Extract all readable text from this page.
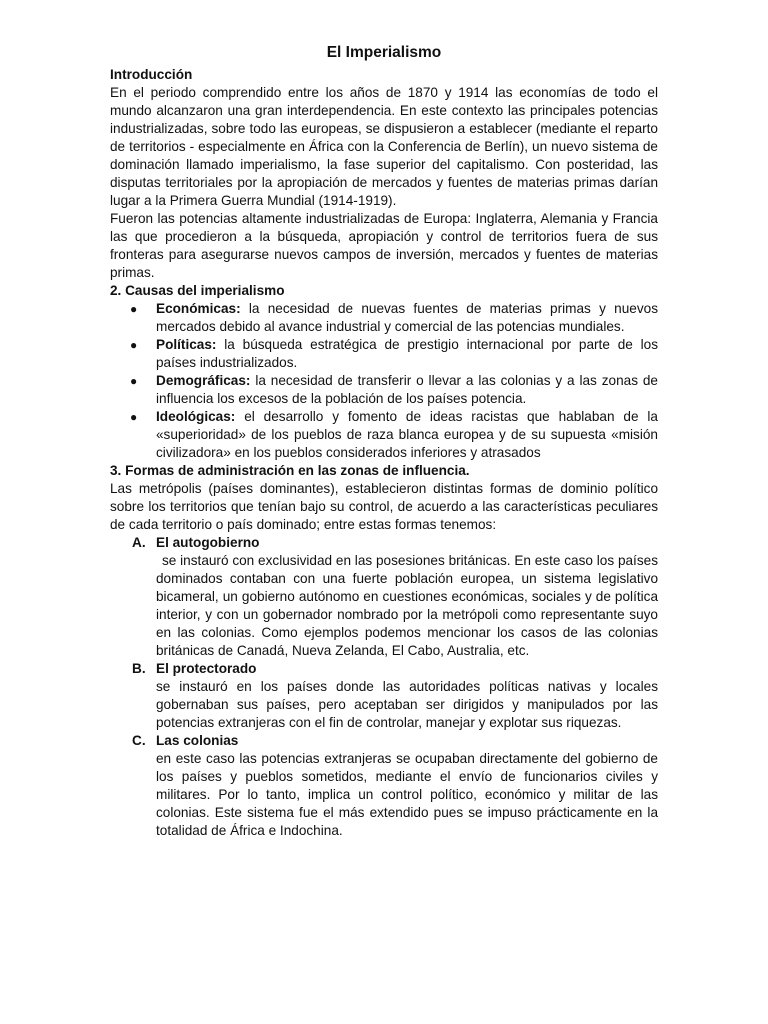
El Imperialismo
Introducción

En el periodo comprendido entre los años de 1870 y 1914 las economías de todo el mundo alcanzaron una gran interdependencia. En este contexto las principales potencias industrializadas, sobre todo las europeas, se dispusieron a establecer (mediante el reparto de territorios - especialmente en África con la Conferencia de Berlín), un nuevo sistema de dominación llamado imperialismo, la fase superior del capitalismo. Con posteridad, las disputas territoriales por la apropiación de mercados y fuentes de materias primas darían lugar a la Primera Guerra Mundial (1914-1919).

Fueron las potencias altamente industrializadas de Europa: Inglaterra, Alemania y Francia las que procedieron a la búsqueda, apropiación y control de territorios fuera de sus fronteras para asegurarse nuevos campos de inversión, mercados y fuentes de materias primas.

2. Causas del imperialismo
● Económicas: la necesidad de nuevas fuentes de materias primas y nuevos mercados debido al avance industrial y comercial de las potencias mundiales.
● Políticas: la búsqueda estratégica de prestigio internacional por parte de los países industrializados.
● Demográficas: la necesidad de transferir o llevar a las colonias y a las zonas de influencia los excesos de la población de los países potencia.
● Ideológicas: el desarrollo y fomento de ideas racistas que hablaban de la «superioridad» de los pueblos de raza blanca europea y de su supuesta «misión civilizadora» en los pueblos considerados inferiores y atrasados
3. Formas de administración en las zonas de influencia.

Las metrópolis (países dominantes), establecieron distintas formas de dominio político sobre los territorios que tenían bajo su control, de acuerdo a las características peculiares de cada territorio o país dominado; entre estas formas tenemos:

A. El autogobierno
se instauró con exclusividad en las posesiones británicas. En este caso los países dominados contaban con una fuerte población europea, un sistema legislativo bicameral, un gobierno autónomo en cuestiones económicas, sociales y de política interior, y con un gobernador nombrado por la metrópoli como representante suyo en las colonias. Como ejemplos podemos mencionar los casos de las colonias británicas de Canadá, Nueva Zelanda, El Cabo, Australia, etc.
B. El protectorado
se instauró en los países donde las autoridades políticas nativas y locales gobernaban sus países, pero aceptaban ser dirigidos y manipulados por las potencias extranjeras con el fin de controlar, manejar y explotar sus riquezas.
C. Las colonias
en este caso las potencias extranjeras se ocupaban directamente del gobierno de los países y pueblos sometidos, mediante el envío de funcionarios civiles y militares. Por lo tanto, implica un control político, económico y militar de las colonias. Este sistema fue el más extendido pues se impuso prácticamente en la totalidad de África e Indochina.
